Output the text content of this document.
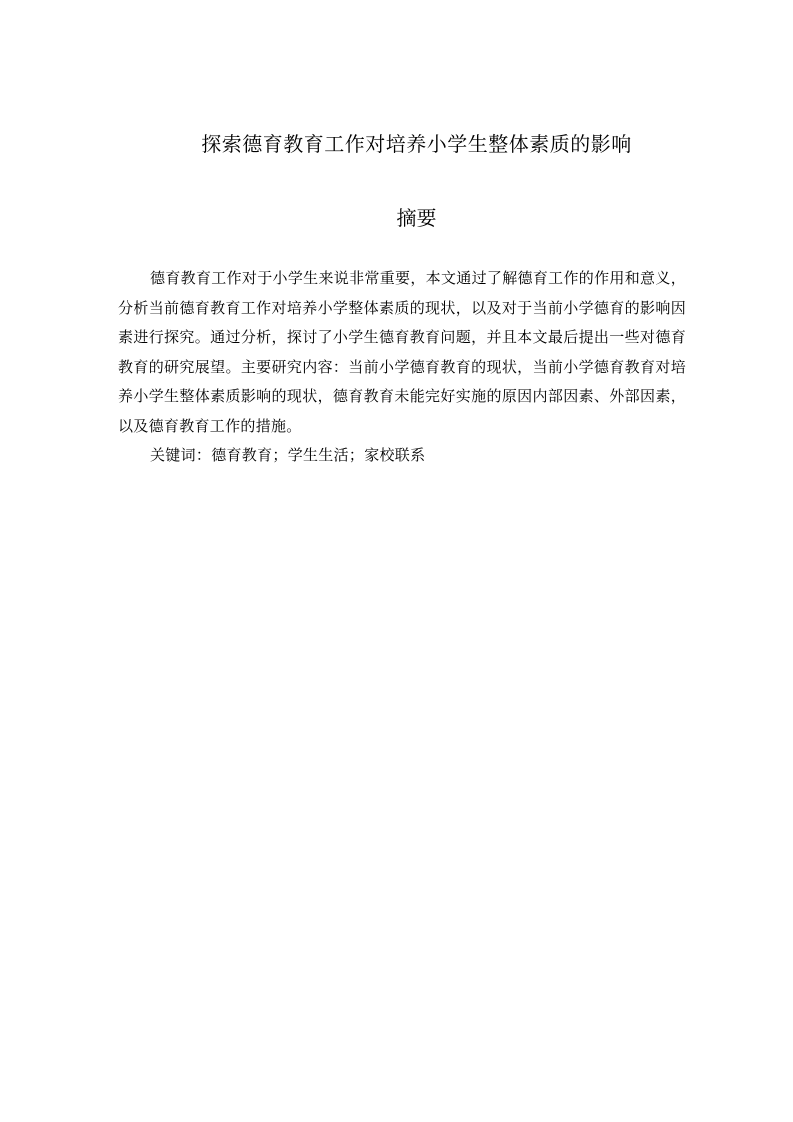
探索德育教育工作对培养小学生整体素质的影响
摘要

德育教育工作对于小学生来说非常重要，本文通过了解德育工作的作用和意义，分析当前德育教育工作对培养小学整体素质的现状，以及对于当前小学德育的影响因素进行探究。通过分析，探讨了小学生德育教育问题，并且本文最后提出一些对德育教育的研究展望。主要研究内容：当前小学德育教育的现状，当前小学德育教育对培养小学生整体素质影响的现状，德育教育未能完好实施的原因内部因素、外部因素，以及德育教育工作的措施。

关键词：德育教育；学生生活；家校联系
